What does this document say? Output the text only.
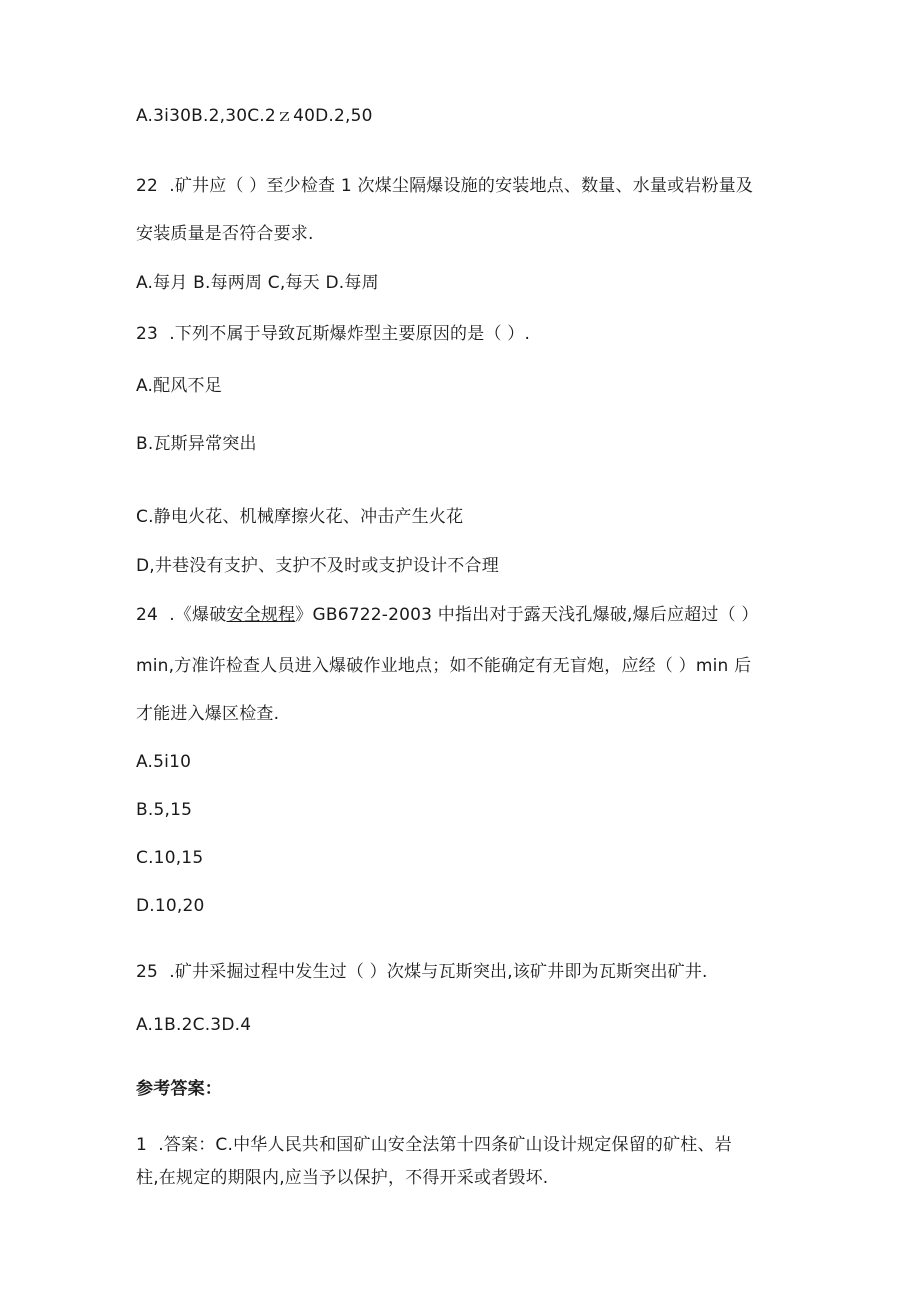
A.3ⅰ30B.2,30C.2ｚ40D.2,50
22  .矿井应（ ）至少检查 1 次煤尘隔爆设施的安装地点、数量、水量或岩粉量及
安装质量是否符合要求.
A.每月 B.每两周 C,每天 D.每周
23  .下列不属于导致瓦斯爆炸型主要原因的是（ ）.
A.配风不足
B.瓦斯异常突出
C.静电火花、机械摩擦火花、冲击产生火花
D,井巷没有支护、支护不及时或支护设计不合理
24  .《爆破安全规程》GB6722-2003 中指出对于露天浅孔爆破,爆后应超过（ ）
min,方准许检查人员进入爆破作业地点；如不能确定有无盲炮，应经（ ）min 后
才能进入爆区检查.
A.5ⅰ10
B.5,15
C.10,15
D.10,20
25  .矿井采掘过程中发生过（ ）次煤与瓦斯突出,该矿井即为瓦斯突出矿井.
A.1B.2C.3D.4
参考答案：
1  .答案：C.中华人民共和国矿山安全法第十四条矿山设计规定保留的矿柱、岩
柱,在规定的期限内,应当予以保护，不得开采或者毁坏.
